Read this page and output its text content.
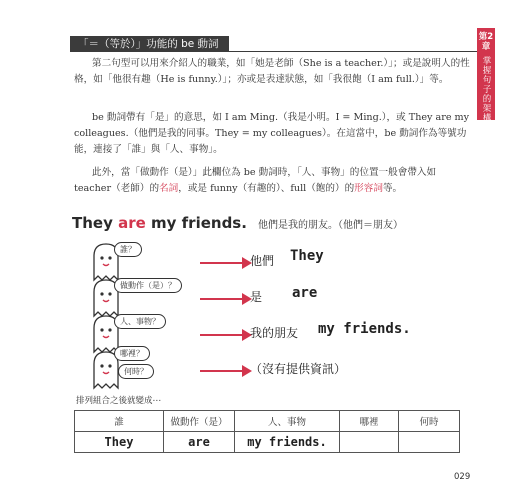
「＝（等於）」功能的 be 動詞
第2章
掌握句子的架構
第二句型可以用來介紹人的職業，如「她是老師（She is a teacher.）」；或是說明人的性格，如「他很有趣（He is funny.）」；亦或是表達狀態，如「我很飽（I am full.）」等。
be 動詞帶有「是」的意思，如 I am Ming.（我是小明。I = Ming.），或 They are my colleagues.（他們是我的同事。They = my colleagues）。在這當中，be 動詞作為等號功能，連接了「誰」與「人、事物」。
此外，當「做動作（是）」此欄位為 be 動詞時，「人、事物」的位置一般會帶入如 teacher（老師）的名詞，或是 funny（有趣的）、full（飽的）的形容詞等。
They are my friends. 他們是我的朋友。（他們＝朋友）
誰？
他們 They
做動作（是）？
是 are
人、事物？
我的朋友 my friends.
哪裡？
何時？	（沒有提供資訊）
排列組合之後就變成⋯
誰	做動作（是）	人、事物	哪裡	何時
They	are	my friends.		
029
